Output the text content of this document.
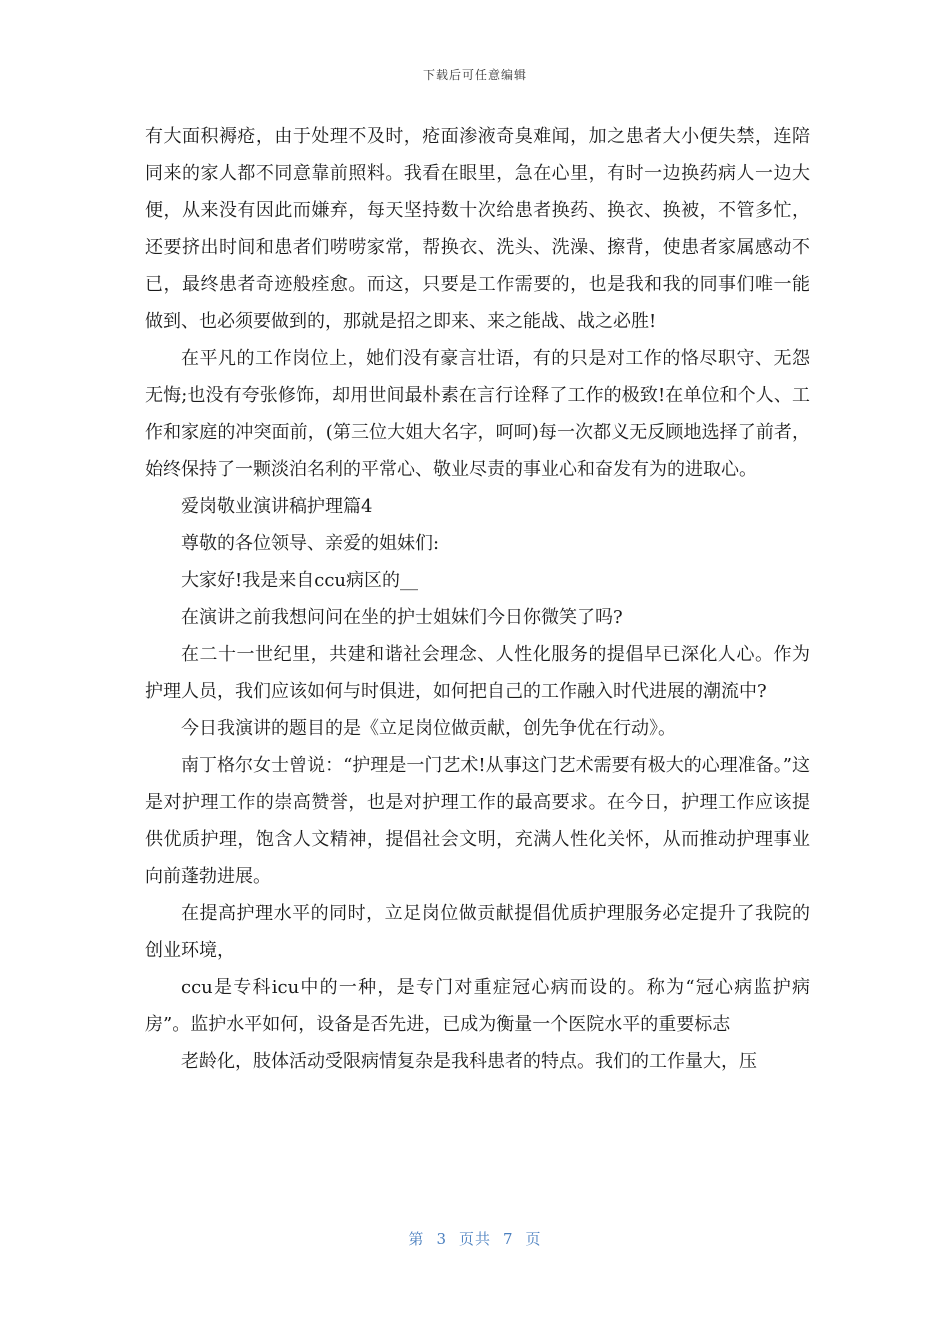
下载后可任意编辑

有大面积褥疮，由于处理不及时，疮面渗液奇臭难闻，加之患者大小便失禁，连陪同来的家人都不同意靠前照料。我看在眼里，急在心里，有时一边换药病人一边大便，从来没有因此而嫌弃，每天坚持数十次给患者换药、换衣、换被，不管多忙，还要挤出时间和患者们唠唠家常，帮换衣、洗头、洗澡、擦背，使患者家属感动不已，最终患者奇迹般痊愈。而这，只要是工作需要的，也是我和我的同事们唯一能做到、也必须要做到的，那就是招之即来、来之能战、战之必胜!

在平凡的工作岗位上，她们没有豪言壮语，有的只是对工作的恪尽职守、无怨无悔;也没有夸张修饰，却用世间最朴素在言行诠释了工作的极致!在单位和个人、工作和家庭的冲突面前，(第三位大姐大名字，呵呵)每一次都义无反顾地选择了前者，始终保持了一颗淡泊名利的平常心、敬业尽责的事业心和奋发有为的进取心。

爱岗敬业演讲稿护理篇4

尊敬的各位领导、亲爱的姐妹们:

大家好!我是来自ccu病区的__

在演讲之前我想问问在坐的护士姐妹们今日你微笑了吗?

在二十一世纪里，共建和谐社会理念、人性化服务的提倡早已深化人心。作为护理人员，我们应该如何与时俱进，如何把自己的工作融入时代进展的潮流中?

今日我演讲的题目的是《立足岗位做贡献，创先争优在行动》。

南丁格尔女士曾说：“护理是一门艺术!从事这门艺术需要有极大的心理准备。”这是对护理工作的崇高赞誉，也是对护理工作的最高要求。在今日，护理工作应该提供优质护理，饱含人文精神，提倡社会文明，充满人性化关怀，从而推动护理事业向前蓬勃进展。

在提高护理水平的同时，立足岗位做贡献提倡优质护理服务必定提升了我院的创业环境，

ccu是专科icu中的一种，是专门对重症冠心病而设的。称为“冠心病监护病房”。监护水平如何，设备是否先进，已成为衡量一个医院水平的重要标志

老龄化，肢体活动受限病情复杂是我科患者的特点。我们的工作量大，压

第 3 页共 7 页
